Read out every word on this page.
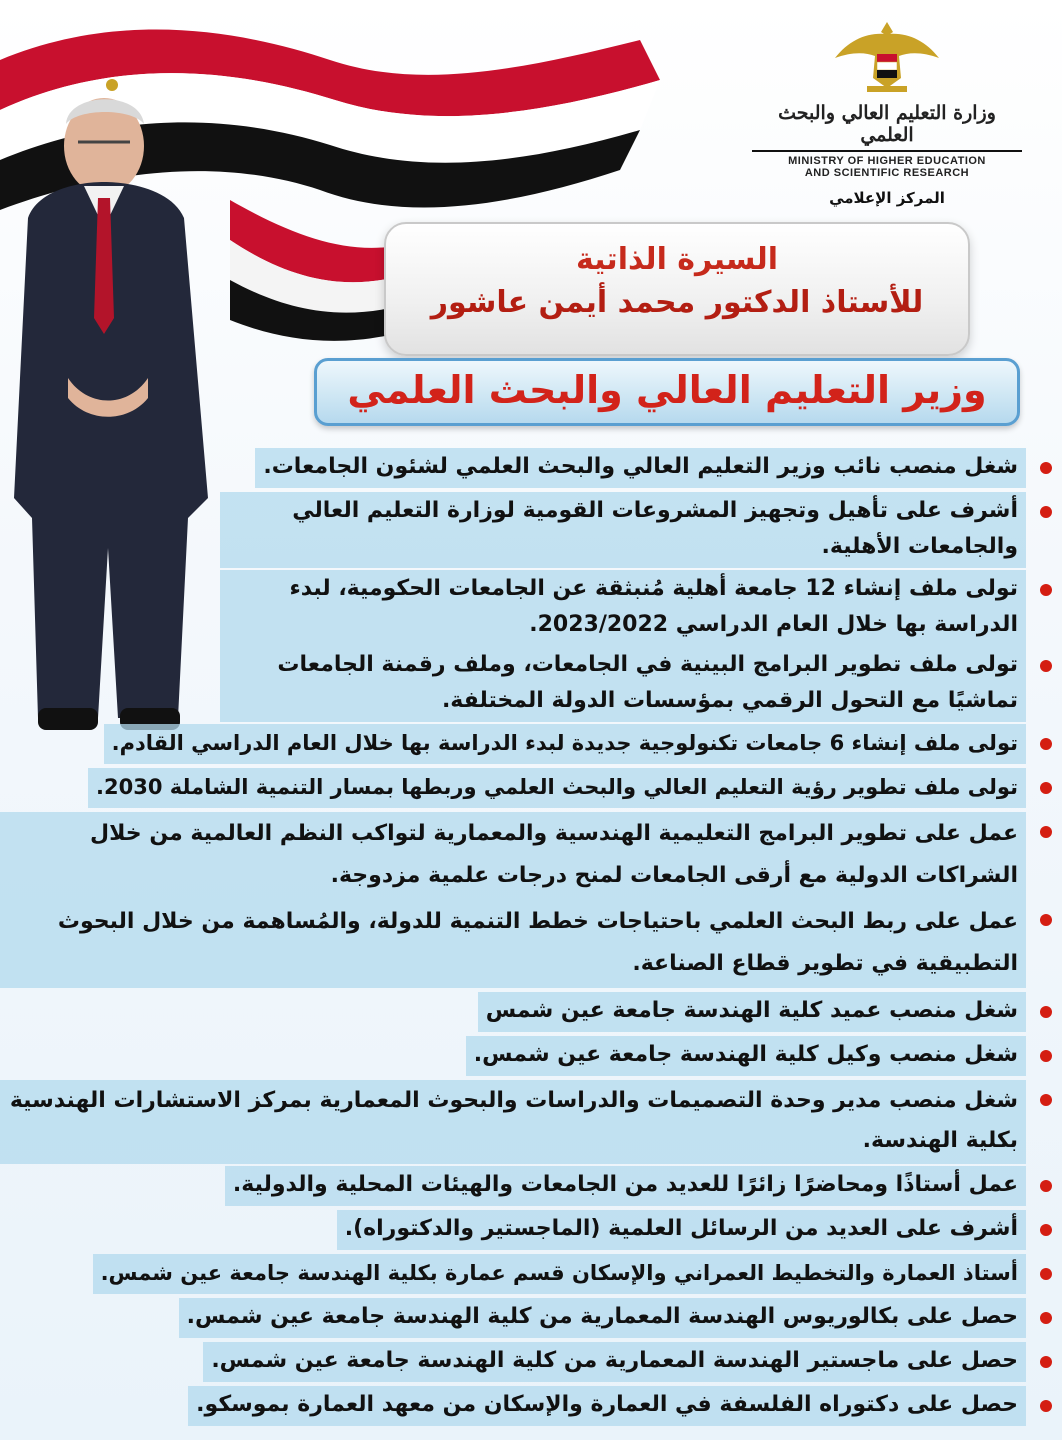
وزارة التعليم العالي والبحث العلمي
MINISTRY OF HIGHER EDUCATION
AND SCIENTIFIC RESEARCH
المركز الإعلامي
السيرة الذاتية
للأستاذ الدكتور محمد أيمن عاشور
وزير التعليم العالي والبحث العلمي
شغل منصب نائب وزير التعليم العالي والبحث العلمي لشئون الجامعات.
أشرف على تأهيل وتجهيز المشروعات القومية لوزارة التعليم العالي والجامعات الأهلية.
تولى ملف إنشاء 12 جامعة أهلية مُنبثقة عن الجامعات الحكومية، لبدء الدراسة بها خلال العام الدراسي 2023/2022.
تولى ملف تطوير البرامج البينية في الجامعات، وملف رقمنة الجامعات تماشيًا مع التحول الرقمي بمؤسسات الدولة المختلفة.
تولى ملف إنشاء 6 جامعات تكنولوجية جديدة لبدء الدراسة بها خلال العام الدراسي القادم.
تولى ملف تطوير رؤية التعليم العالي والبحث العلمي وربطها بمسار التنمية الشاملة 2030.
عمل على تطوير البرامج التعليمية الهندسية والمعمارية لتواكب النظم العالمية من خلال الشراكات الدولية مع أرقى الجامعات لمنح درجات علمية مزدوجة.
عمل على ربط البحث العلمي باحتياجات خطط التنمية للدولة، والمُساهمة من خلال البحوث التطبيقية في تطوير قطاع الصناعة.
شغل منصب عميد كلية الهندسة جامعة عين شمس
شغل منصب وكيل كلية الهندسة جامعة عين شمس.
شغل منصب مدير وحدة التصميمات والدراسات والبحوث المعمارية بمركز الاستشارات الهندسية بكلية الهندسة.
عمل أستاذًا ومحاضرًا زائرًا للعديد من الجامعات والهيئات المحلية والدولية.
أشرف على العديد من الرسائل العلمية (الماجستير والدكتوراه).
أستاذ العمارة والتخطيط العمراني والإسكان قسم عمارة بكلية الهندسة جامعة عين شمس.
حصل على بكالوريوس الهندسة المعمارية من كلية الهندسة جامعة عين شمس.
حصل على ماجستير الهندسة المعمارية من كلية الهندسة جامعة عين شمس.
حصل على دكتوراه الفلسفة في العمارة والإسكان من معهد العمارة بموسكو.
